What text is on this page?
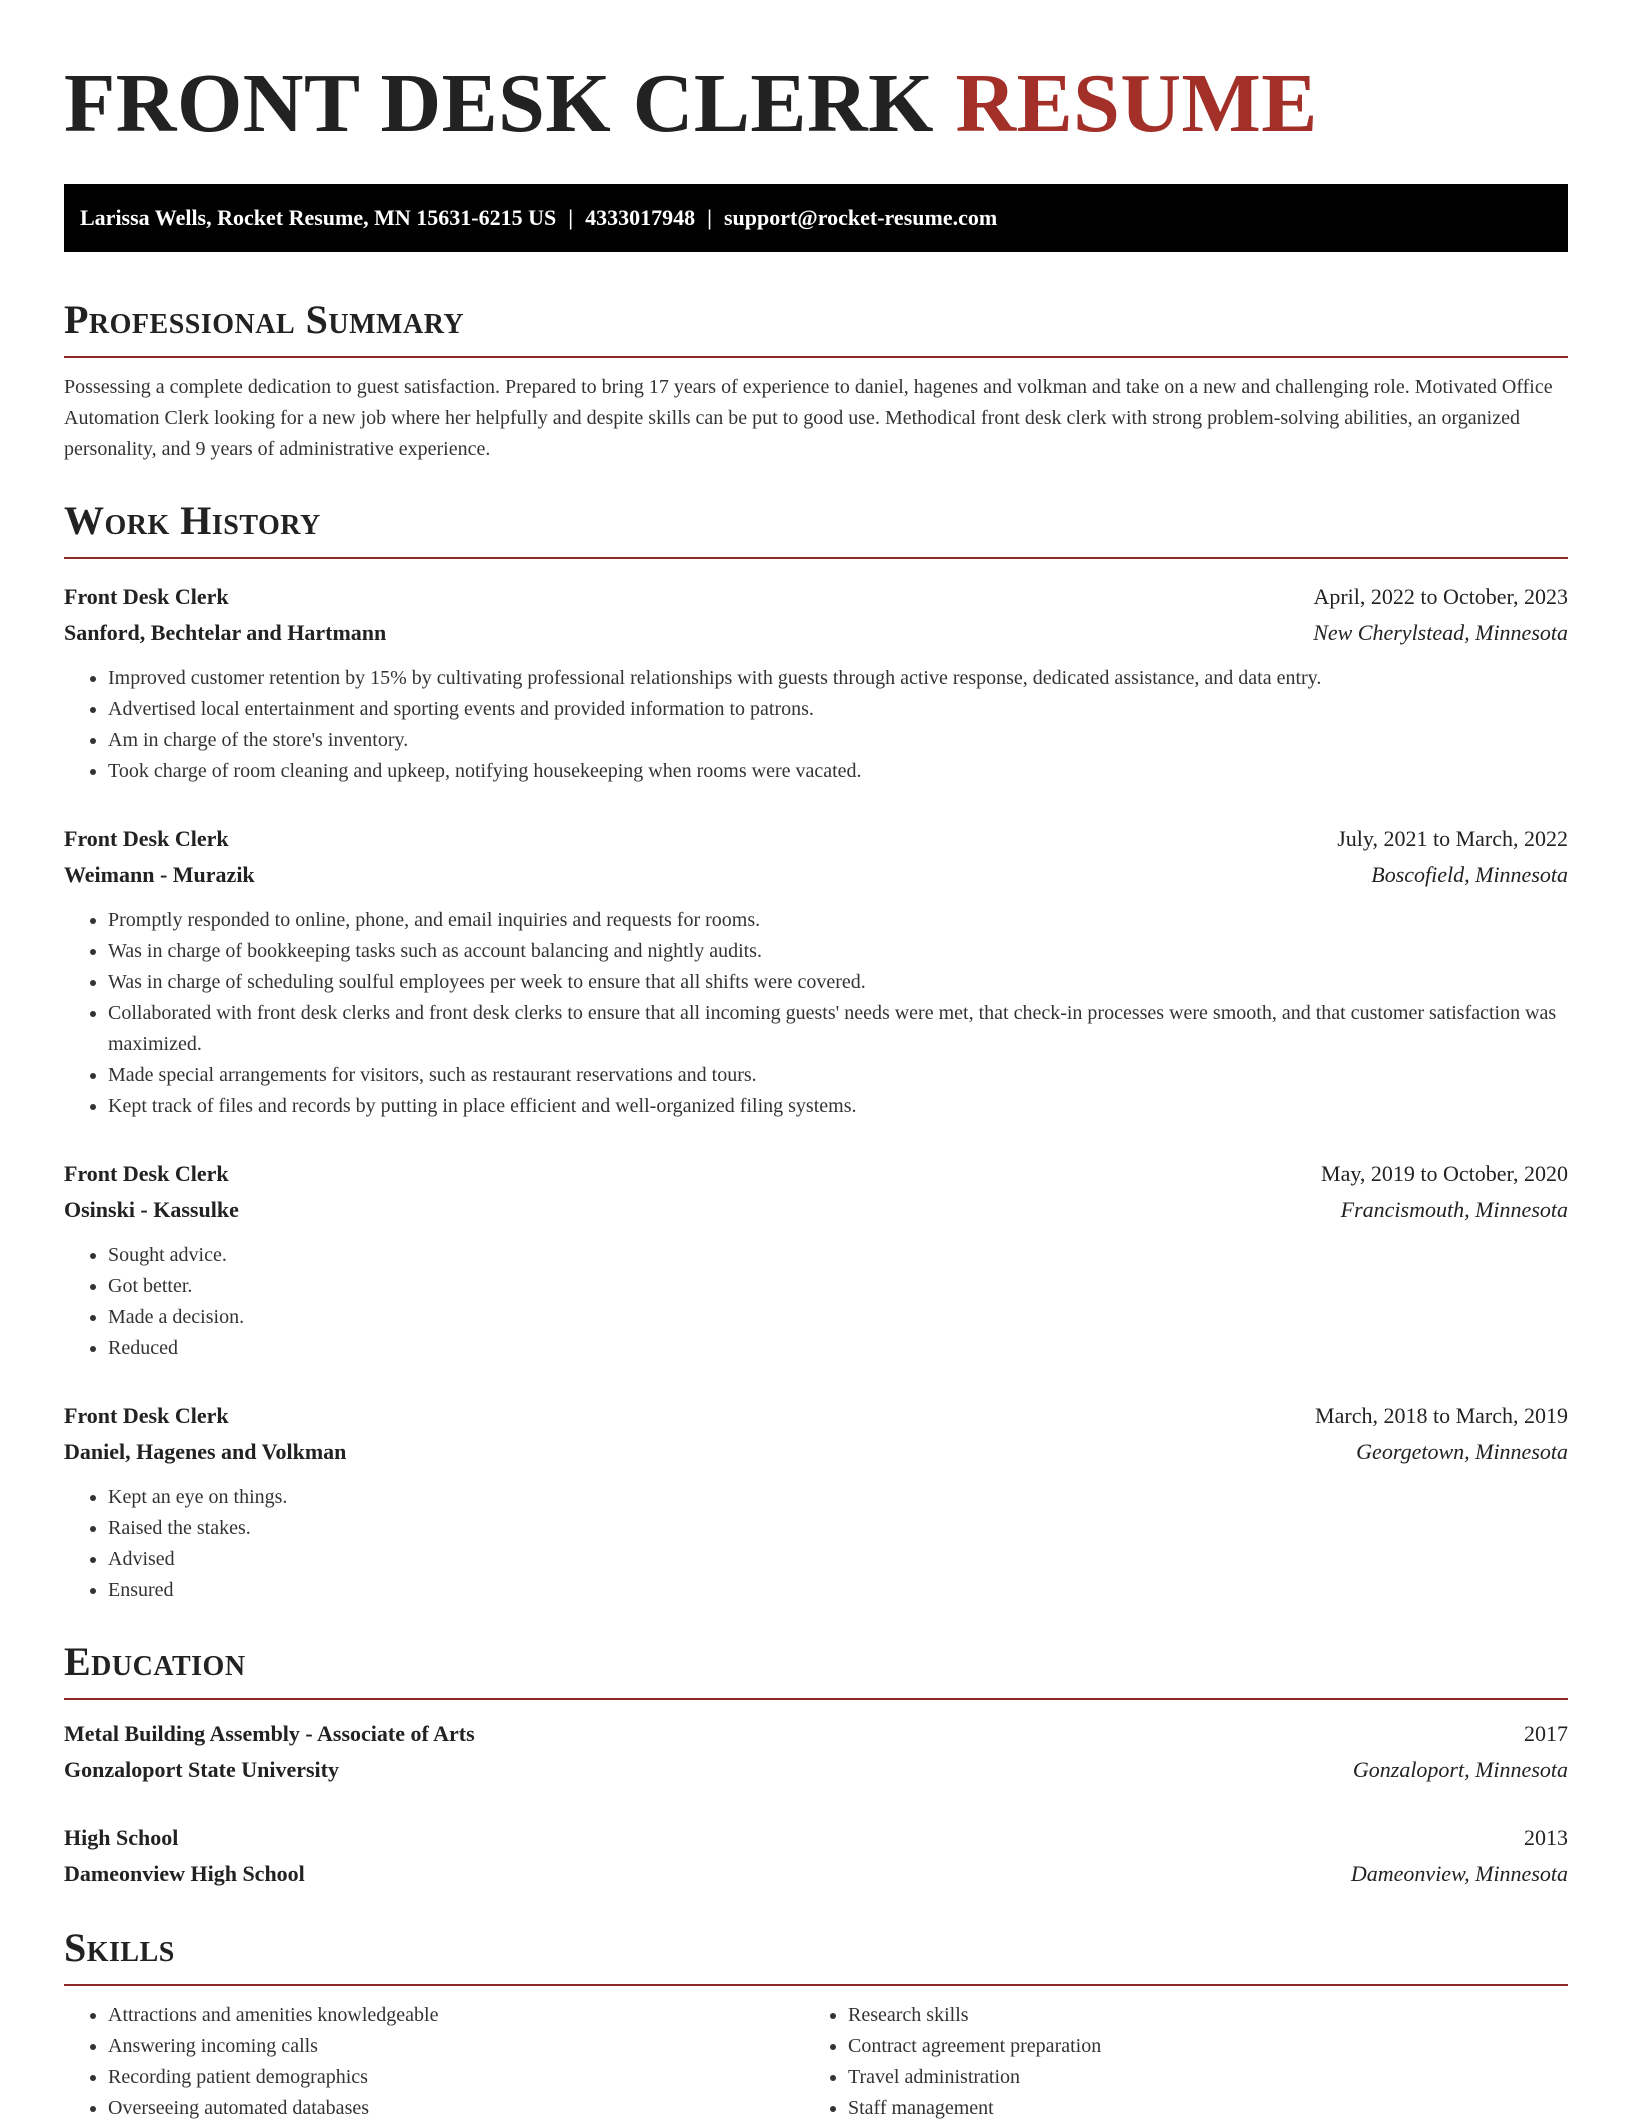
FRONT DESK CLERK RESUME
Larissa Wells, Rocket Resume, MN 15631-6215 US | 4333017948 | support@rocket-resume.com
Professional Summary

Possessing a complete dedication to guest satisfaction. Prepared to bring 17 years of experience to daniel, hagenes and volkman and take on a new and challenging role. Motivated Office Automation Clerk looking for a new job where her helpfully and despite skills can be put to good use. Methodical front desk clerk with strong problem-solving abilities, an organized personality, and 9 years of administrative experience.

Work History
Front Desk Clerk	April, 2022 to October, 2023
Sanford, Bechtelar and Hartmann	New Cherylstead, Minnesota
• Improved customer retention by 15% by cultivating professional relationships with guests through active response, dedicated assistance, and data entry.
• Advertised local entertainment and sporting events and provided information to patrons.
• Am in charge of the store's inventory.
• Took charge of room cleaning and upkeep, notifying housekeeping when rooms were vacated.
Front Desk Clerk	July, 2021 to March, 2022
Weimann - Murazik	Boscofield, Minnesota
• Promptly responded to online, phone, and email inquiries and requests for rooms.
• Was in charge of bookkeeping tasks such as account balancing and nightly audits.
• Was in charge of scheduling soulful employees per week to ensure that all shifts were covered.
• Collaborated with front desk clerks and front desk clerks to ensure that all incoming guests' needs were met, that check-in processes were smooth, and that customer satisfaction was maximized.
• Made special arrangements for visitors, such as restaurant reservations and tours.
• Kept track of files and records by putting in place efficient and well-organized filing systems.
Front Desk Clerk	May, 2019 to October, 2020
Osinski - Kassulke	Francismouth, Minnesota
• Sought advice.
• Got better.
• Made a decision.
• Reduced
Front Desk Clerk	March, 2018 to March, 2019
Daniel, Hagenes and Volkman	Georgetown, Minnesota
• Kept an eye on things.
• Raised the stakes.
• Advised
• Ensured
Education
Metal Building Assembly - Associate of Arts	2017
Gonzaloport State University	Gonzaloport, Minnesota
High School	2013
Dameonview High School	Dameonview, Minnesota
Skills
• Attractions and amenities knowledgeable
• Answering incoming calls
• Recording patient demographics
• Overseeing automated databases
• Research skills
• Contract agreement preparation
• Travel administration
• Staff management
